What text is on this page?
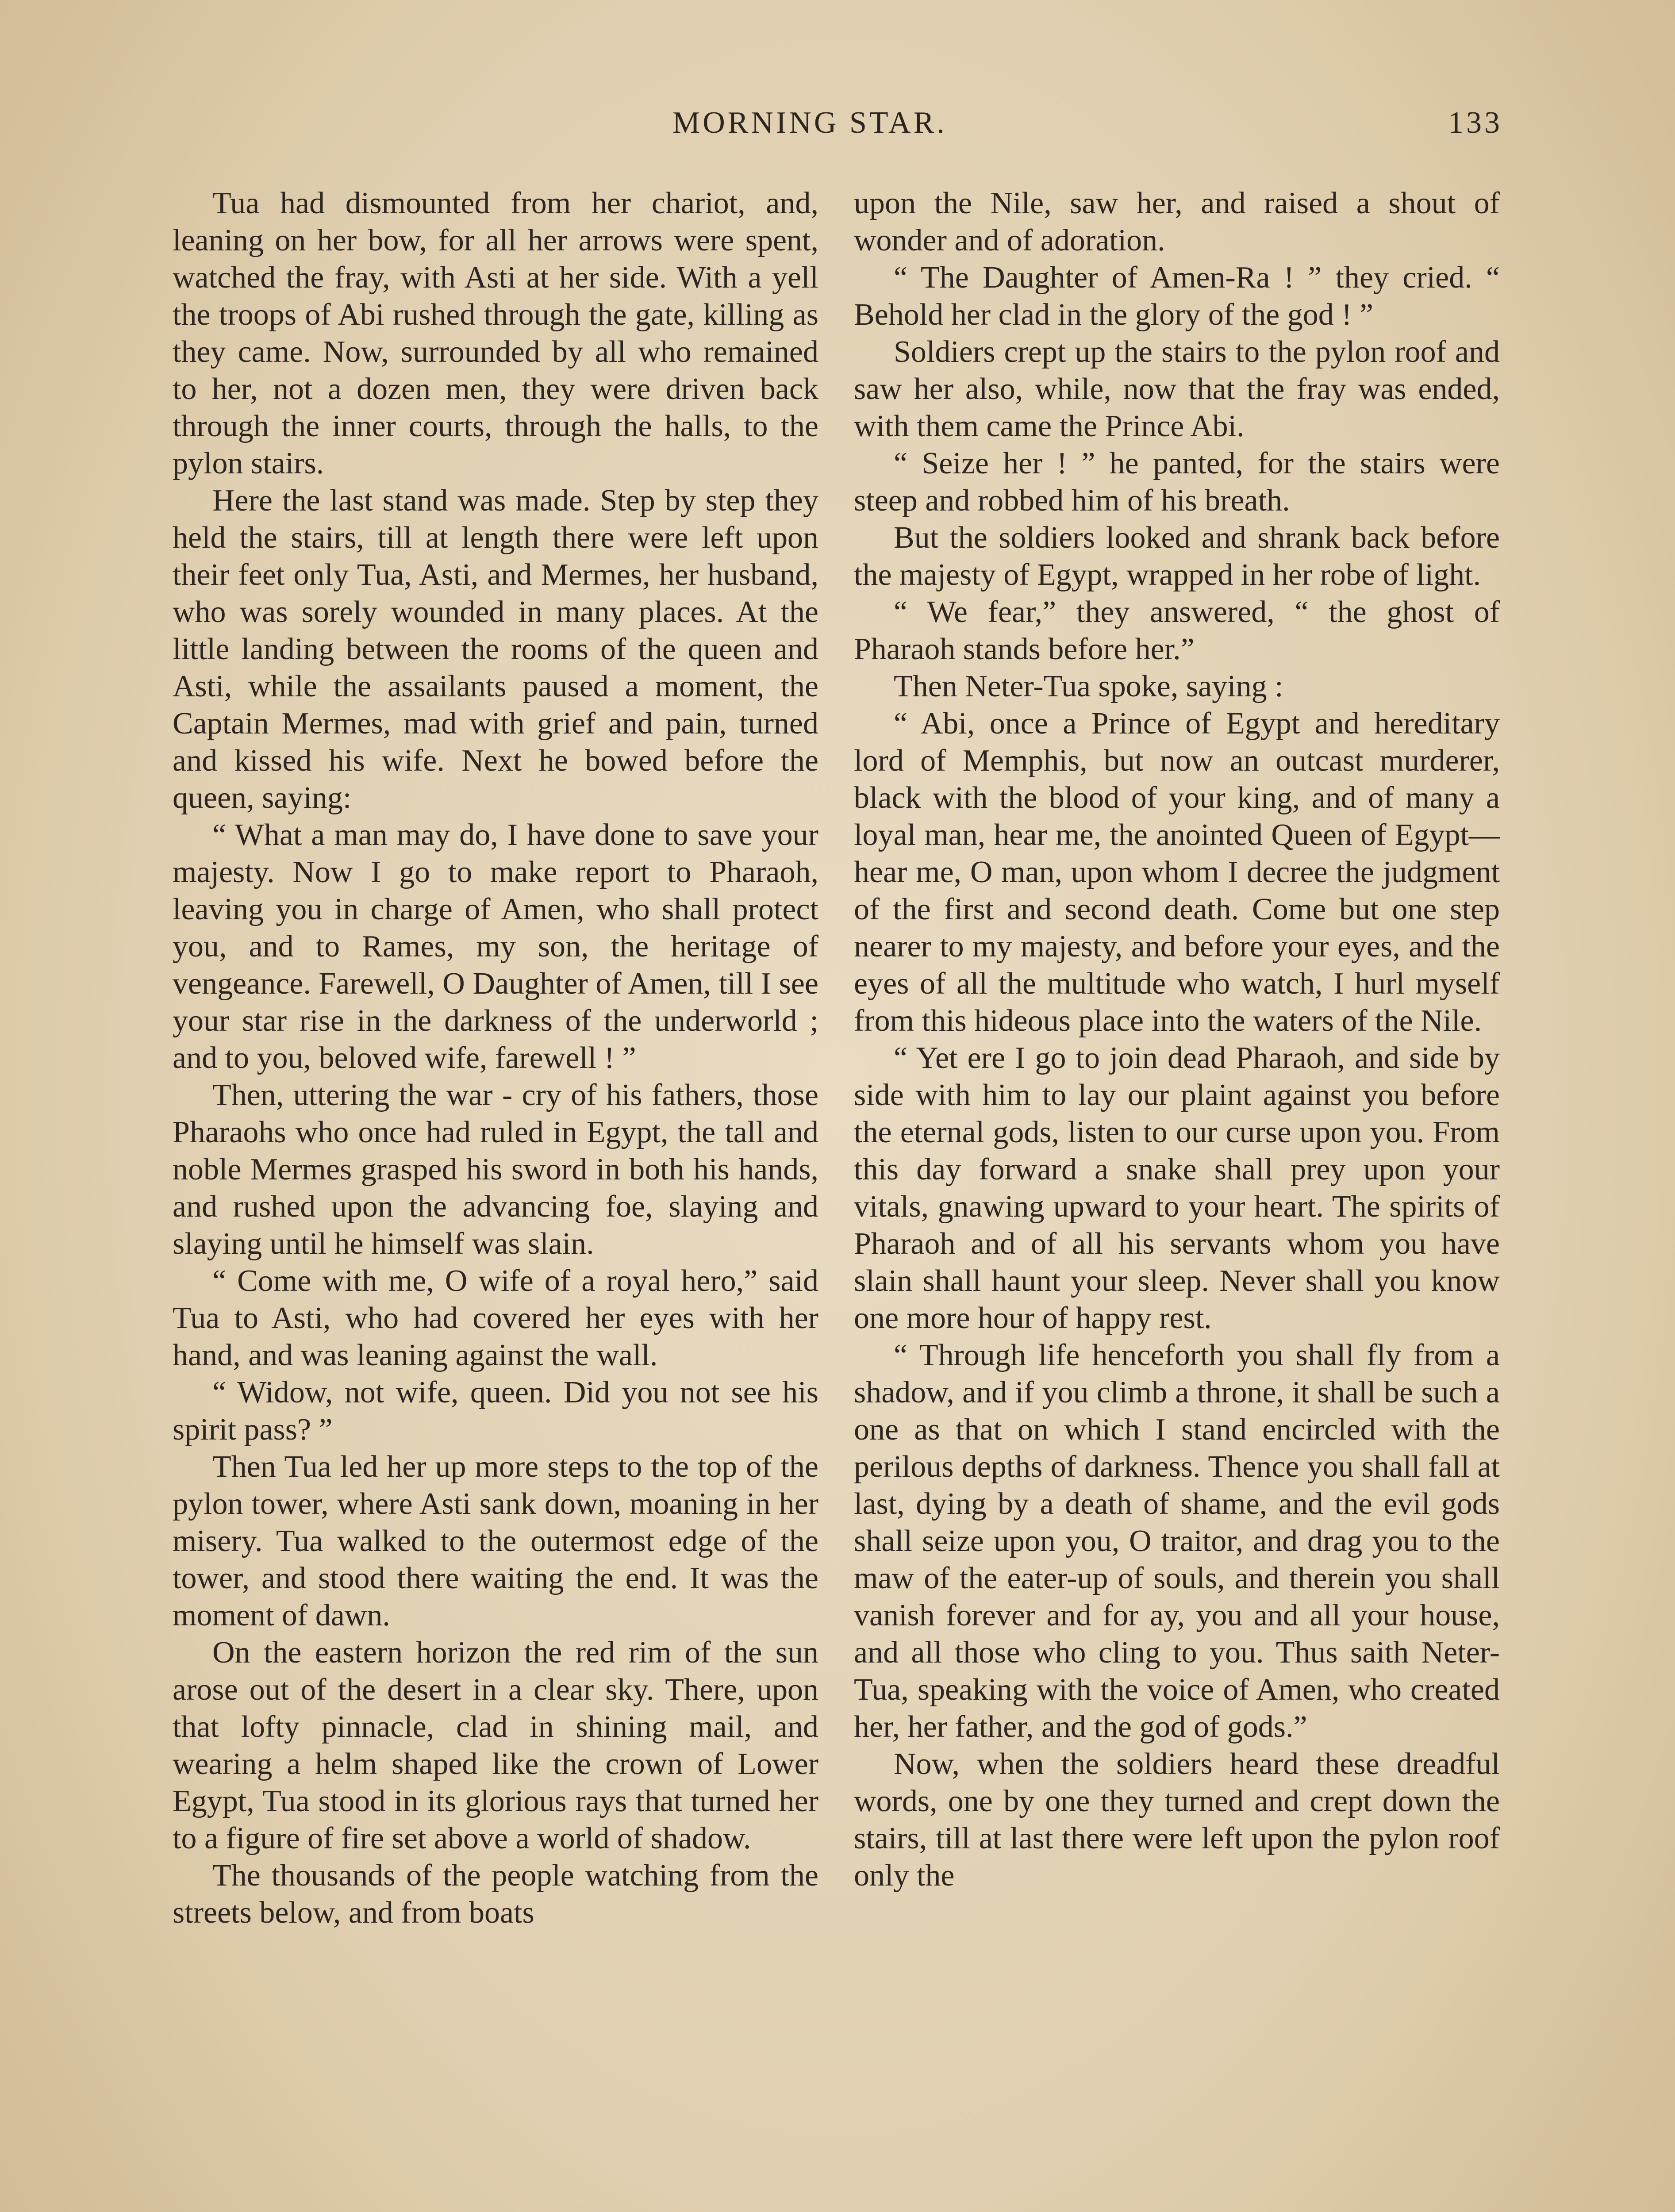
MORNING STAR.	133

Tua had dismounted from her chariot, and, leaning on her bow, for all her arrows were spent, watched the fray, with Asti at her side. With a yell the troops of Abi rushed through the gate, killing as they came. Now, surrounded by all who remained to her, not a dozen men, they were driven back through the inner courts, through the halls, to the pylon stairs.

Here the last stand was made. Step by step they held the stairs, till at length there were left upon their feet only Tua, Asti, and Mermes, her husband, who was sorely wounded in many places. At the little landing between the rooms of the queen and Asti, while the assailants paused a moment, the Captain Mermes, mad with grief and pain, turned and kissed his wife. Next he bowed before the queen, saying:

“ What a man may do, I have done to save your majesty. Now I go to make report to Pharaoh, leaving you in charge of Amen, who shall protect you, and to Rames, my son, the heritage of vengeance. Farewell, O Daughter of Amen, till I see your star rise in the darkness of the underworld ; and to you, beloved wife, farewell ! ”

Then, uttering the war - cry of his fathers, those Pharaohs who once had ruled in Egypt, the tall and noble Mermes grasped his sword in both his hands, and rushed upon the advancing foe, slaying and slaying until he himself was slain.

“ Come with me, O wife of a royal hero,” said Tua to Asti, who had covered her eyes with her hand, and was leaning against the wall.

“ Widow, not wife, queen. Did you not see his spirit pass? ”

Then Tua led her up more steps to the top of the pylon tower, where Asti sank down, moaning in her misery. Tua walked to the outermost edge of the tower, and stood there waiting the end. It was the moment of dawn.

On the eastern horizon the red rim of the sun arose out of the desert in a clear sky. There, upon that lofty pinnacle, clad in shining mail, and wearing a helm shaped like the crown of Lower Egypt, Tua stood in its glorious rays that turned her to a figure of fire set above a world of shadow.

The thousands of the people watching from the streets below, and from boats

upon the Nile, saw her, and raised a shout of wonder and of adoration.

“ The Daughter of Amen-Ra ! ” they cried. “ Behold her clad in the glory of the god ! ”

Soldiers crept up the stairs to the pylon roof and saw her also, while, now that the fray was ended, with them came the Prince Abi.

“ Seize her ! ” he panted, for the stairs were steep and robbed him of his breath.

But the soldiers looked and shrank back before the majesty of Egypt, wrapped in her robe of light.

“ We fear,” they answered, “ the ghost of Pharaoh stands before her.”

Then Neter-Tua spoke, saying :

“ Abi, once a Prince of Egypt and hereditary lord of Memphis, but now an outcast murderer, black with the blood of your king, and of many a loyal man, hear me, the anointed Queen of Egypt—hear me, O man, upon whom I decree the judgment of the first and second death. Come but one step nearer to my majesty, and before your eyes, and the eyes of all the multitude who watch, I hurl myself from this hideous place into the waters of the Nile.

“ Yet ere I go to join dead Pharaoh, and side by side with him to lay our plaint against you before the eternal gods, listen to our curse upon you. From this day forward a snake shall prey upon your vitals, gnawing upward to your heart. The spirits of Pharaoh and of all his servants whom you have slain shall haunt your sleep. Never shall you know one more hour of happy rest.

“ Through life henceforth you shall fly from a shadow, and if you climb a throne, it shall be such a one as that on which I stand encircled with the perilous depths of darkness. Thence you shall fall at last, dying by a death of shame, and the evil gods shall seize upon you, O traitor, and drag you to the maw of the eater-up of souls, and therein you shall vanish forever and for ay, you and all your house, and all those who cling to you. Thus saith Neter-Tua, speaking with the voice of Amen, who created her, her father, and the god of gods.”

Now, when the soldiers heard these dreadful words, one by one they turned and crept down the stairs, till at last there were left upon the pylon roof only the
